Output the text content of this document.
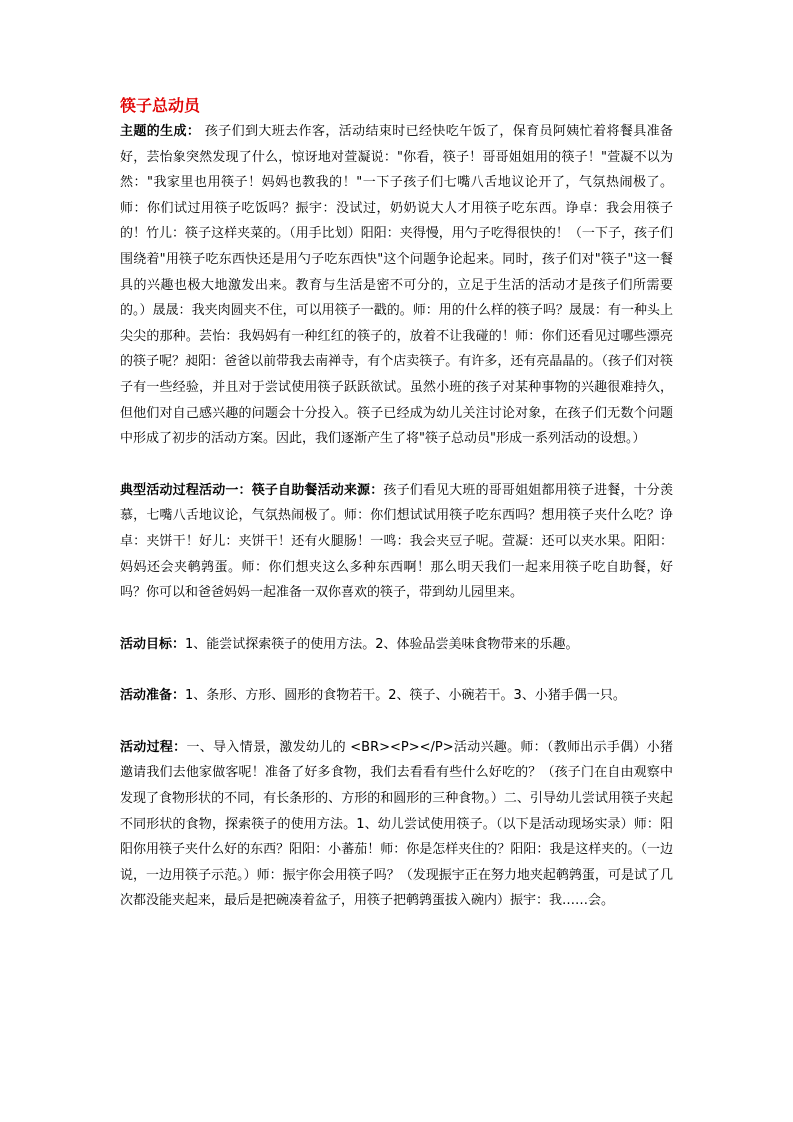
筷子总动员

主题的生成： 孩子们到大班去作客，活动结束时已经快吃午饭了，保育员阿姨忙着将餐具准备好，芸怡象突然发现了什么，惊讶地对萱凝说："你看，筷子！哥哥姐姐用的筷子！"萱凝不以为然："我家里也用筷子！妈妈也教我的！"一下子孩子们七嘴八舌地议论开了，气氛热闹极了。师：你们试过用筷子吃饭吗？振宇：没试过，奶奶说大人才用筷子吃东西。诤卓：我会用筷子的！竹儿：筷子这样夹菜的。（用手比划）阳阳：夹得慢，用勺子吃得很快的！（一下子，孩子们围绕着"用筷子吃东西快还是用勺子吃东西快"这个问题争论起来。同时，孩子们对"筷子"这一餐具的兴趣也极大地激发出来。教育与生活是密不可分的，立足于生活的活动才是孩子们所需要的。）晟晟：我夹肉圆夹不住，可以用筷子一戳的。师：用的什么样的筷子吗？晟晟：有一种头上尖尖的那种。芸怡：我妈妈有一种红红的筷子的，放着不让我碰的！师：你们还看见过哪些漂亮的筷子呢？昶阳：爸爸以前带我去南禅寺，有个店卖筷子。有许多，还有亮晶晶的。（孩子们对筷子有一些经验，并且对于尝试使用筷子跃跃欲试。虽然小班的孩子对某种事物的兴趣很难持久，但他们对自己感兴趣的问题会十分投入。筷子已经成为幼儿关注讨论对象，在孩子们无数个问题中形成了初步的活动方案。因此，我们逐渐产生了将"筷子总动员"形成一系列活动的设想。）

典型活动过程活动一：筷子自助餐活动来源：孩子们看见大班的哥哥姐姐都用筷子进餐，十分羡慕，七嘴八舌地议论，气氛热闹极了。师：你们想试试用筷子吃东西吗？想用筷子夹什么吃？诤卓：夹饼干！好儿：夹饼干！还有火腿肠！一鸣：我会夹豆子呢。萱凝：还可以夹水果。阳阳：妈妈还会夹鹌鹑蛋。师：你们想夹这么多种东西啊！那么明天我们一起来用筷子吃自助餐，好吗？你可以和爸爸妈妈一起准备一双你喜欢的筷子，带到幼儿园里来。

活动目标：1、能尝试探索筷子的使用方法。2、体验品尝美味食物带来的乐趣。

活动准备：1、条形、方形、圆形的食物若干。2、筷子、小碗若干。3、小猪手偶一只。

活动过程：一、导入情景，激发幼儿的 <BR><P></P>活动兴趣。师：（教师出示手偶）小猪邀请我们去他家做客呢！准备了好多食物，我们去看看有些什么好吃的？（孩子门在自由观察中发现了食物形状的不同，有长条形的、方形的和圆形的三种食物。）二、引导幼儿尝试用筷子夹起不同形状的食物，探索筷子的使用方法。1、幼儿尝试使用筷子。（以下是活动现场实录）师：阳阳你用筷子夹什么好的东西？阳阳：小蕃茄！师：你是怎样夹住的？阳阳：我是这样夹的。（一边说，一边用筷子示范。）师：振宇你会用筷子吗？（发现振宇正在努力地夹起鹌鹑蛋，可是试了几次都没能夹起来，最后是把碗凑着盆子，用筷子把鹌鹑蛋拔入碗内）振宇：我……会。
